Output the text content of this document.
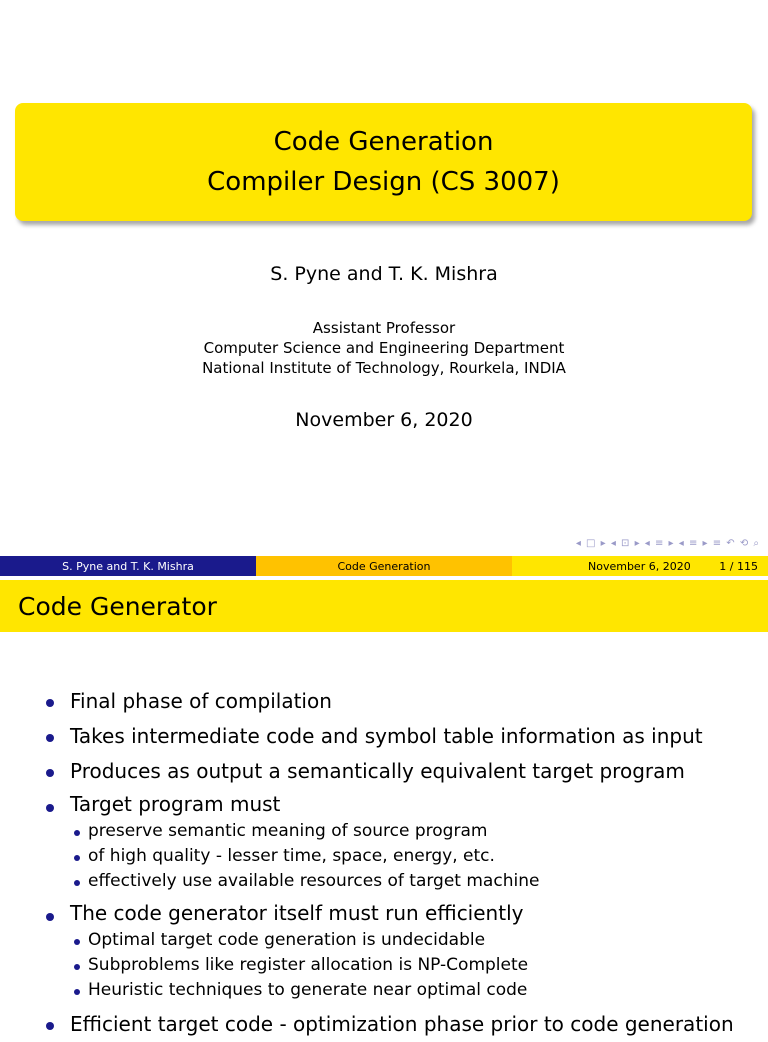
Code Generation
Compiler Design (CS 3007)
S. Pyne and T. K. Mishra
Assistant Professor
Computer Science and Engineering Department
National Institute of Technology, Rourkela, INDIA
November 6, 2020
◂ □ ▸ ◂ ⊡ ▸ ◂ ≡ ▸ ◂ ≡ ▸ ≡ ↶ ⟲ ⌕
S. Pyne and T. K. Mishra	Code Generation	November 6, 2020	1 / 115
Code Generator
Final phase of compilation
Takes intermediate code and symbol table information as input
Produces as output a semantically equivalent target program
Target program must
preserve semantic meaning of source program
of high quality - lesser time, space, energy, etc.
effectively use available resources of target machine
The code generator itself must run efficiently
Optimal target code generation is undecidable
Subproblems like register allocation is NP-Complete
Heuristic techniques to generate near optimal code
Efficient target code - optimization phase prior to code generation
